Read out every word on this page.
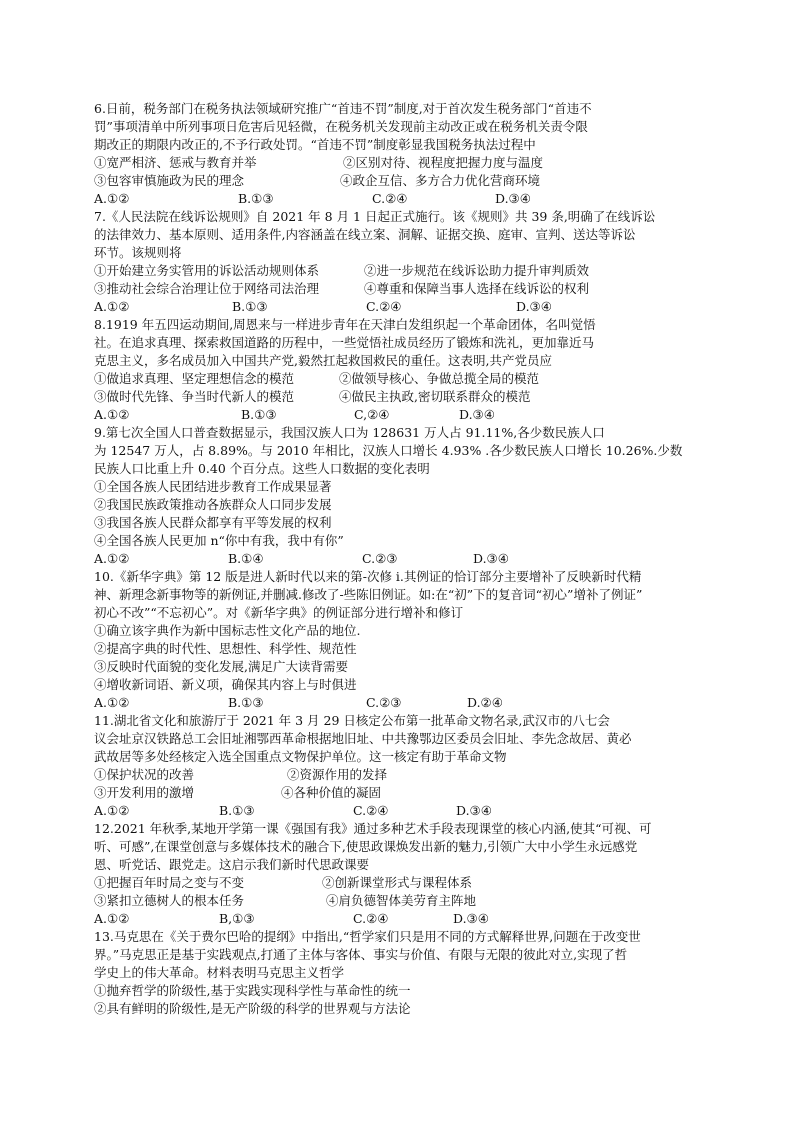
6.日前，税务部门在税务执法领域研究推广“首违不罚”制度,对于首次发生税务部门“首违不
罚”事项清单中所列事项日危害后见轻微，在税务机关发现前主动改正或在税务机关责令限
期改正的期限内改正的,不予行政处罚。“首违不罚”制度彰显我国税务执法过程中
①宽严相济、惩戒与教育并举	②区别对待、视程度把握力度与温度
③包容审慎施政为民的理念	④政企互信、多方合力优化营商环境
A.①②	B.①③	C.②④	D.③④
7.《人民法院在线诉讼规则》自 2021 年 8 月 1 日起正式施行。该《规则》共 39 条,明确了在线诉讼
的法律效力、基本原则、适用条件,内容涵盖在线立案、洞解、证据交换、庭审、宣判、送达等诉讼
环节。该规则将
①开始建立务实管用的诉讼活动规则体系	②进一步规范在线诉讼助力提升审判质效
③推动社会综合治理让位于网络司法治理	④尊重和保障当事人选择在线诉讼的权利
A.①②	B.①③	C.②④	D.③④
8.1919 年五四运动期间,周恩来与一样进步青年在天津白发组织起一个革命团体，名叫觉悟
社。在追求真理、探索救国道路的历程中，一些觉悟社成员经历了锻炼和洗礼，更加靠近马
克思主义，多名成员加入中国共产党,毅然扛起救国救民的重任。这表明,共产党员应
①做追求真理、坚定理想信念的模范	②做领导核心、争做总揽全局的模范
③做时代先锋、争当时代新人的模范	④做民主执政,密切联系群众的模范
A.①②	B.①③	C,②④	D.③④
9.第七次全国人口普查数据显示，我国汉族人口为 128631 万人占 91.11%,各少数民族人口
为 12547 万人，占 8.89%。与 2010 年相比，汉族人口增长 4.93% .各少数民族人口增长 10.26%.少数
民族人口比重上升 0.40 个百分点。这些人口数据的变化表明
①全国各族人民团结进步教育工作成果显著
②我国民族政策推动各族群众人口同步发展
③我国各族人民群众都享有平等发展的权利
④全国各族人民更加 n“你中有我，我中有你”
A.①②	B.①④	C.②③	D.③④
10.《新华字典》第 12 版是进人新时代以来的第-次修 i.其例证的恰订部分主要增补了反映新时代精
神、新理念新事物等的新例证,并删减.修改了-些陈旧例证。如:在“初”下的复音词“初心”增补了例证”
初心不改”“不忘初心”。对《新华字典》的例证部分进行增补和修订
①确立该字典作为新中国标志性文化产品的地位.
②提高字典的时代性、思想性、科学性、规范性
③反映时代面貌的变化发展,满足广大读背需要
④增收新词语、新义项，确保其内容上与时俱进
A.①②	B.①③	C.②③	D.②④
11.湖北省文化和旅游厅于 2021 年 3 月 29 日核定公布第一批革命文物名录,武汉市的八七会
议会址京汉铁路总工会旧址湘鄂西革命根据地旧址、中共豫鄂边区委员会旧址、李先念故居、黄必
武故居等多处经核定入选全国重点文物保护单位。这一核定有助于革命文物
①保护状况的改善	②资源作用的发择
③开发利用的激增	④各种价值的凝固
A.①②	B.①③	C.②④	D.③④
12.2021 年秋季,某地开学第一课《强国有我》通过多种艺术手段表现课堂的核心内涵,使其“可视、可
听、可感”,在课堂创意与多媒体技术的融合下,使思政课焕发出新的魅力,引领广大中小学生永远感党
恩、听党话、跟党走。这启示我们新时代思政课要
①把握百年时局之变与不变	②创新课堂形式与课程体系
③紧扣立德树人的根本任务	④肩负德智体美劳育主阵地
A.①②	B,①③	C.②④	D.③④
13.马克思在《关于费尔巴哈的提纲》中指出,“哲学家们只是用不同的方式解释世界,问题在于改变世
界。”马克思正是基于实践观点,打通了主体与客体、事实与价值、有限与无限的彼此对立,实现了哲
学史上的伟大革命。材料表明马克思主义哲学
①抛弃哲学的阶级性,基于实践实现科学性与革命性的统一
②具有鲜明的阶级性,是无产阶级的科学的世界观与方法论
